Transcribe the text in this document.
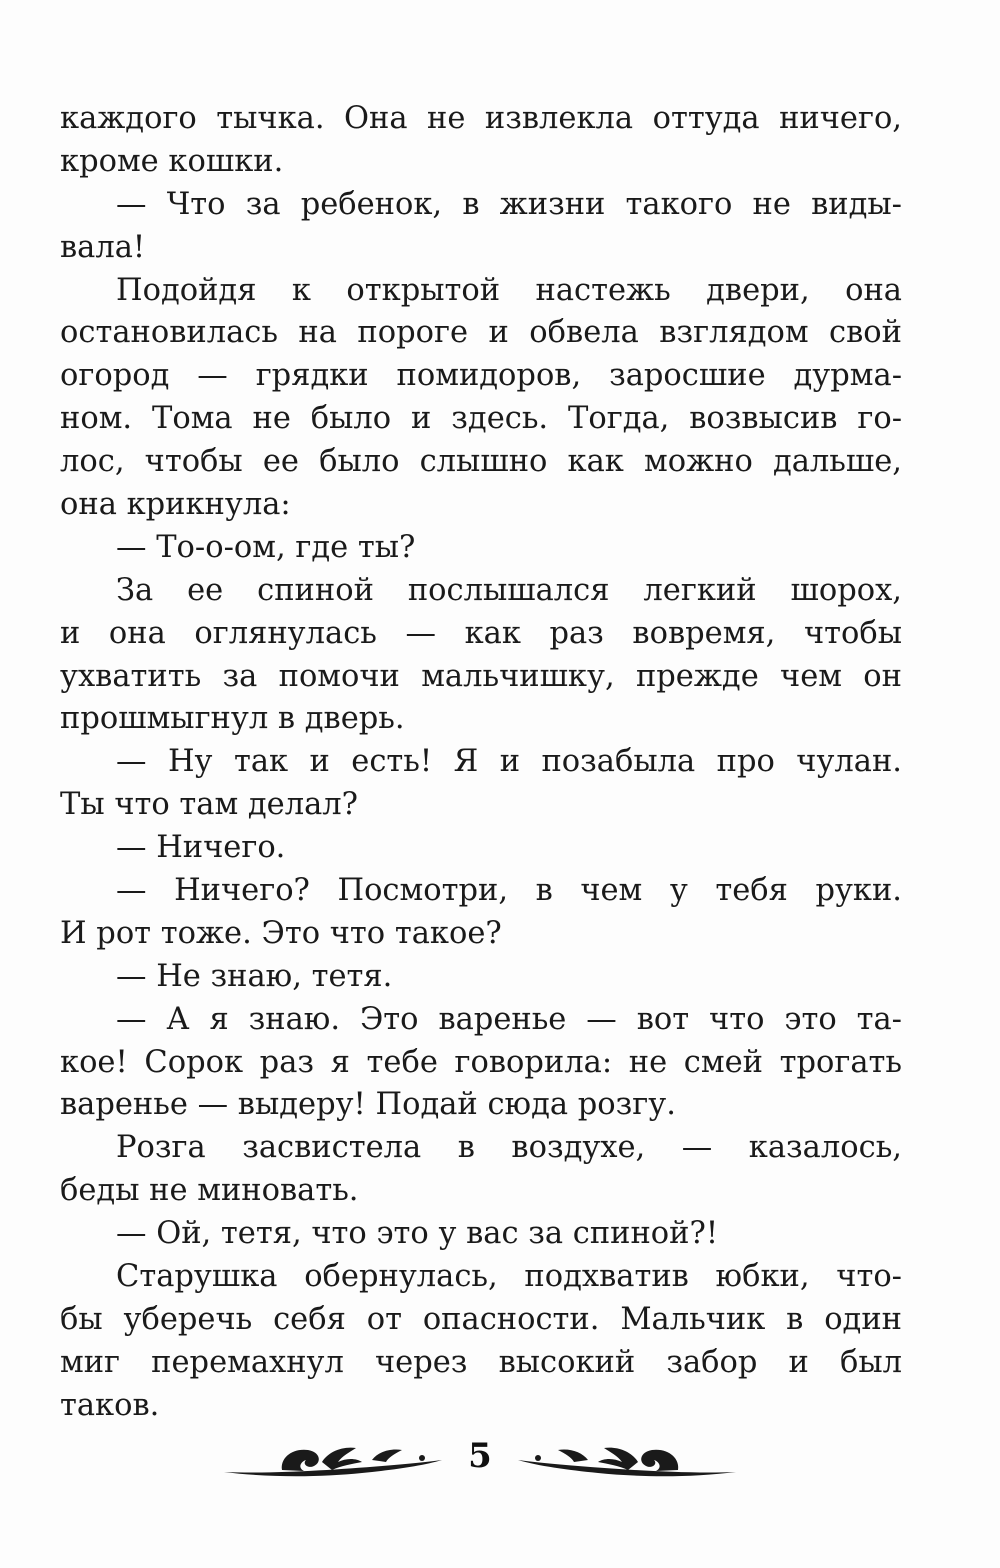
каждого тычка. Она не извлекла оттуда ничего,
кроме кошки.
— Что за ребенок, в жизни такого не виды-
вала!
Подойдя к открытой настежь двери, она
остановилась на пороге и обвела взглядом свой
огород — грядки помидоров, заросшие дурма-
ном. Тома не было и здесь. Тогда, возвысив го-
лос, чтобы ее было слышно как можно дальше,
она крикнула:
— То-о-ом, где ты?
За ее спиной послышался легкий шорох,
и она оглянулась — как раз вовремя, чтобы
ухватить за помочи мальчишку, прежде чем он
прошмыгнул в дверь.
— Ну так и есть! Я и позабыла про чулан.
Ты что там делал?
— Ничего.
— Ничего? Посмотри, в чем у тебя руки.
И рот тоже. Это что такое?
— Не знаю, тетя.
— А я знаю. Это варенье — вот что это та-
кое! Сорок раз я тебе говорила: не смей трогать
варенье — выдеру! Подай сюда розгу.
Розга засвистела в воздухе, — казалось,
беды не миновать.
— Ой, тетя, что это у вас за спиной?!
Старушка обернулась, подхватив юбки, что-
бы уберечь себя от опасности. Мальчик в один
миг перемахнул через высокий забор и был
таков.
5
